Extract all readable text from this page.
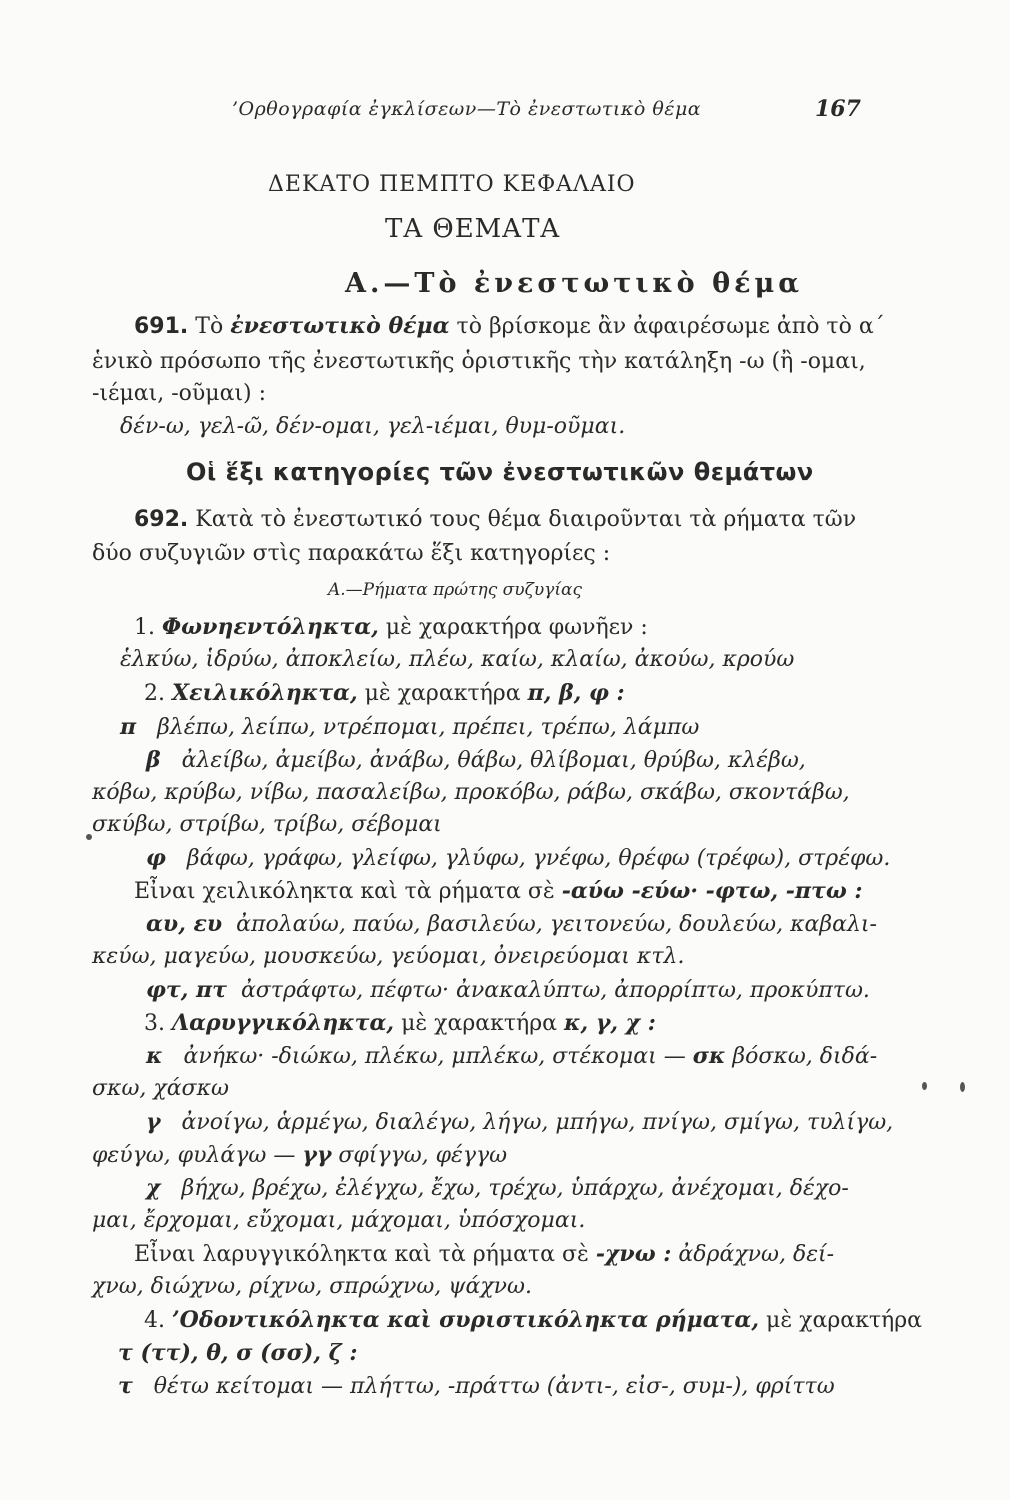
’Ορθογραφία ἐγκλίσεων—Τὸ ἐνεστωτικὸ θέμα	167
ΔΕΚΑΤΟ ΠΕΜΠΤΟ ΚΕΦΑΛΑΙΟ
ΤΑ ΘΕΜΑΤΑ
Α.—Τὸ ἐνεστωτικὸ θέμα
691. Τὸ ἐνεστωτικὸ θέμα τὸ βρίσκομε ἂν ἀφαιρέσωμε ἀπὸ τὸ α΄
ἑνικὸ πρόσωπο τῆς ἐνεστωτικῆς ὁριστικῆς τὴν κατάληξη -ω (ἢ -ομαι,
-ιέμαι, -οῦμαι) :
δέν-ω, γελ-ῶ, δέν-ομαι, γελ-ιέμαι, θυμ-οῦμαι.
Οἱ ἕξι κατηγορίες τῶν ἐνεστωτικῶν θεμάτων
692. Κατὰ τὸ ἐνεστωτικό τους θέμα διαιροῦνται τὰ ρήματα τῶν
δύο συζυγιῶν στὶς παρακάτω ἕξι κατηγορίες :
Α.—Ρήματα πρώτης συζυγίας
1. Φωνηεντόληκτα, μὲ χαρακτήρα φωνῆεν :
ἑλκύω, ἱδρύω, ἀποκλείω, πλέω, καίω, κλαίω, ἀκούω, κρούω
2. Χειλικόληκτα, μὲ χαρακτήρα π, β, φ :
π βλέπω, λείπω, ντρέπομαι, πρέπει, τρέπω, λάμπω
β ἀλείβω, ἀμείβω, ἀνάβω, θάβω, θλίβομαι, θρύβω, κλέβω,
κόβω, κρύβω, νίβω, πασαλείβω, προκόβω, ράβω, σκάβω, σκοντάβω,
σκύβω, στρίβω, τρίβω, σέβομαι
φ βάφω, γράφω, γλείφω, γλύφω, γνέφω, θρέφω (τρέφω), στρέφω.
Εἶναι χειλικόληκτα καὶ τὰ ρήματα σὲ -αύω -εύω· -φτω, -πτω :
αυ, ευ ἀπολαύω, παύω, βασιλεύω, γειτονεύω, δουλεύω, καβαλι-
κεύω, μαγεύω, μουσκεύω, γεύομαι, ὀνειρεύομαι κτλ.
φτ, πτ ἀστράφτω, πέφτω· ἀνακαλύπτω, ἀπορρίπτω, προκύπτω.
3. Λαρυγγικόληκτα, μὲ χαρακτήρα κ, γ, χ :
κ ἀνήκω· -διώκω, πλέκω, μπλέκω, στέκομαι — σκ βόσκω, διδά-
σκω, χάσκω
γ ἀνοίγω, ἁρμέγω, διαλέγω, λήγω, μπήγω, πνίγω, σμίγω, τυλίγω,
φεύγω, φυλάγω — γγ σφίγγω, φέγγω
χ βήχω, βρέχω, ἐλέγχω, ἔχω, τρέχω, ὑπάρχω, ἀνέχομαι, δέχο-
μαι, ἔρχομαι, εὔχομαι, μάχομαι, ὑπόσχομαι.
Εἶναι λαρυγγικόληκτα καὶ τὰ ρήματα σὲ -χνω : ἀδράχνω, δεί-
χνω, διώχνω, ρίχνω, σπρώχνω, ψάχνω.
4. ’Οδοντικόληκτα καὶ συριστικόληκτα ρήματα, μὲ χαρακτήρα
τ (ττ), θ, σ (σσ), ζ :
τ θέτω κείτομαι — πλήττω, -πράττω (ἀντι-, εἰσ-, συμ-), φρίττω
